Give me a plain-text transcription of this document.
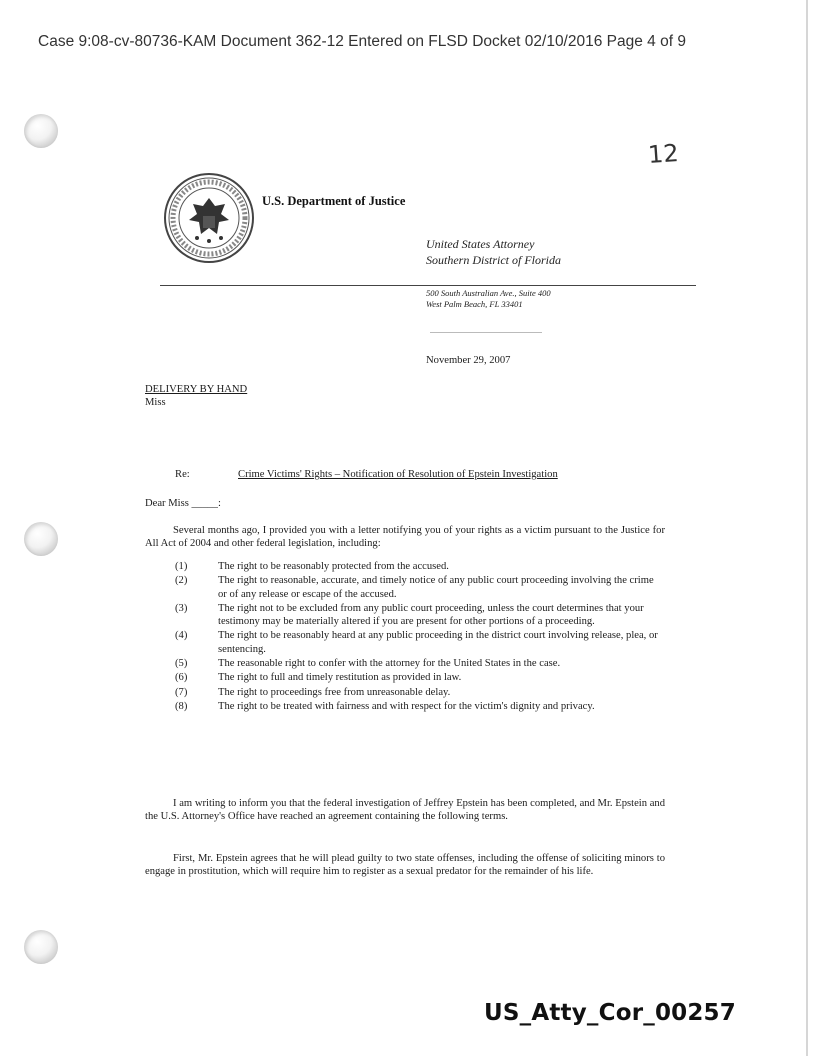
Case 9:08-cv-80736-KAM Document 362-12 Entered on FLSD Docket 02/10/2016 Page 4 of 9
12
U.S. Department of Justice
United States Attorney
Southern District of Florida
500 South Australian Ave., Suite 400
West Palm Beach, FL 33401
November 29, 2007
DELIVERY BY HAND
Miss
Re:	Crime Victims' Rights – Notification of Resolution of Epstein Investigation
Dear Miss _____:
Several months ago, I provided you with a letter notifying you of your rights as a victim pursuant to the Justice for All Act of 2004 and other federal legislation, including:
(1)	The right to be reasonably protected from the accused.
(2)	The right to reasonable, accurate, and timely notice of any public court proceeding involving the crime or of any release or escape of the accused.
(3)	The right not to be excluded from any public court proceeding, unless the court determines that your testimony may be materially altered if you are present for other portions of a proceeding.
(4)	The right to be reasonably heard at any public proceeding in the district court involving release, plea, or sentencing.
(5)	The reasonable right to confer with the attorney for the United States in the case.
(6)	The right to full and timely restitution as provided in law.
(7)	The right to proceedings free from unreasonable delay.
(8)	The right to be treated with fairness and with respect for the victim's dignity and privacy.
I am writing to inform you that the federal investigation of Jeffrey Epstein has been completed, and Mr. Epstein and the U.S. Attorney's Office have reached an agreement containing the following terms.
First, Mr. Epstein agrees that he will plead guilty to two state offenses, including the offense of soliciting minors to engage in prostitution, which will require him to register as a sexual predator for the remainder of his life.
US_Atty_Cor_00257
